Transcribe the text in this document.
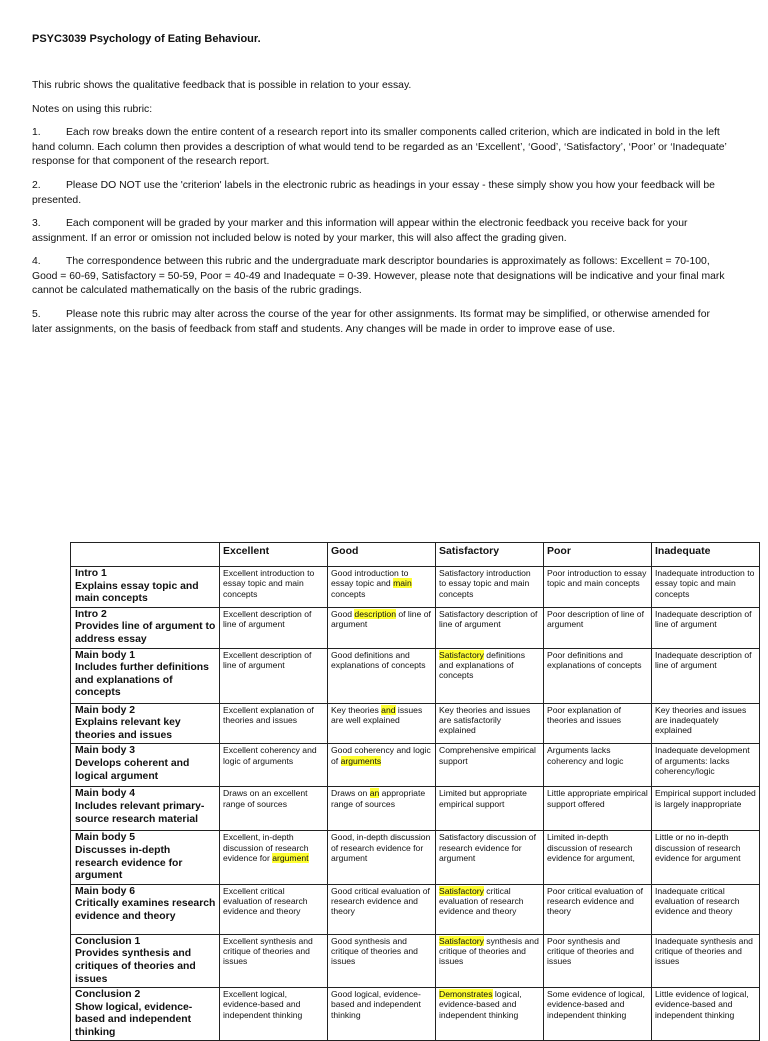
PSYC3039 Psychology of Eating Behaviour.
This rubric shows the qualitative feedback that is possible in relation to your essay.
Notes on using this rubric:
1. Each row breaks down the entire content of a research report into its smaller components called criterion, which are indicated in bold in the left hand column. Each column then provides a description of what would tend to be regarded as an ‘Excellent’, ‘Good’, ‘Satisfactory’, ‘Poor’ or ‘Inadequate’ response for that component of the research report.
2. Please DO NOT use the 'criterion' labels in the electronic rubric as headings in your essay - these simply show you how your feedback will be presented.
3. Each component will be graded by your marker and this information will appear within the electronic feedback you receive back for your assignment. If an error or omission not included below is noted by your marker, this will also affect the grading given.
4. The correspondence between this rubric and the undergraduate mark descriptor boundaries is approximately as follows: Excellent = 70-100, Good = 60-69, Satisfactory = 50-59, Poor = 40-49 and Inadequate = 0-39. However, please note that designations will be indicative and your final mark cannot be calculated mathematically on the basis of the rubric gradings.
5. Please note this rubric may alter across the course of the year for other assignments. Its format may be simplified, or otherwise amended for later assignments, on the basis of feedback from staff and students. Any changes will be made in order to improve ease of use.
	Excellent	Good	Satisfactory	Poor	Inadequate

Intro 1
Explains essay topic and main concepts	Excellent introduction to essay topic and main concepts	Good introduction to essay topic and main concepts	Satisfactory introduction to essay topic and main concepts	Poor introduction to essay topic and main concepts	Inadequate introduction to essay topic and main concepts

Intro 2
Provides line of argument to address essay	Excellent description of line of argument	Good description of line of argument	Satisfactory description of line of argument	Poor description of line of argument	Inadequate description of line of argument

Main body 1
Includes further definitions and explanations of concepts	Excellent description of line of argument	Good definitions and explanations of concepts	Satisfactory definitions and explanations of concepts	Poor definitions and explanations of concepts	Inadequate description of line of argument

Main body 2
Explains relevant key theories and issues	Excellent explanation of theories and issues	Key theories and issues are well explained	Key theories and issues are satisfactorily explained	Poor explanation of theories and issues	Key theories and issues are inadequately explained

Main body 3
Develops coherent and logical argument	Excellent coherency and logic of arguments	Good coherency and logic of arguments	Comprehensive empirical support	Arguments lacks coherency and logic	Inadequate development of arguments: lacks coherency/logic

Main body 4
Includes relevant primary-source research material	Draws on an excellent range of sources	Draws on an appropriate range of sources	Limited but appropriate empirical support	Little appropriate empirical support offered	Empirical support included is largely inappropriate

Main body 5
Discusses in-depth research evidence for argument	Excellent, in-depth discussion of research evidence for argument	Good, in-depth discussion of research evidence for argument	Satisfactory discussion of research evidence for argument	Limited in-depth discussion of research evidence for argument,	Little or no in-depth discussion of research evidence for argument

Main body 6
Critically examines research evidence and theory	Excellent critical evaluation of research evidence and theory	Good critical evaluation of research evidence and theory	Satisfactory critical evaluation of research evidence and theory	Poor critical evaluation of research evidence and theory	Inadequate critical evaluation of research evidence and theory

Conclusion 1
Provides synthesis and critiques of theories and issues	Excellent synthesis and critique of theories and issues	Good synthesis and critique of theories and issues	Satisfactory synthesis and critique of theories and issues	Poor synthesis and critique of theories and issues	Inadequate synthesis and critique of theories and issues

Conclusion 2
Show logical, evidence-based and independent thinking	Excellent logical, evidence-based and independent thinking	Good logical, evidence-based and independent thinking	Demonstrates logical, evidence-based and independent thinking	Some evidence of logical, evidence-based and independent thinking	Little evidence of logical, evidence-based and independent thinking
